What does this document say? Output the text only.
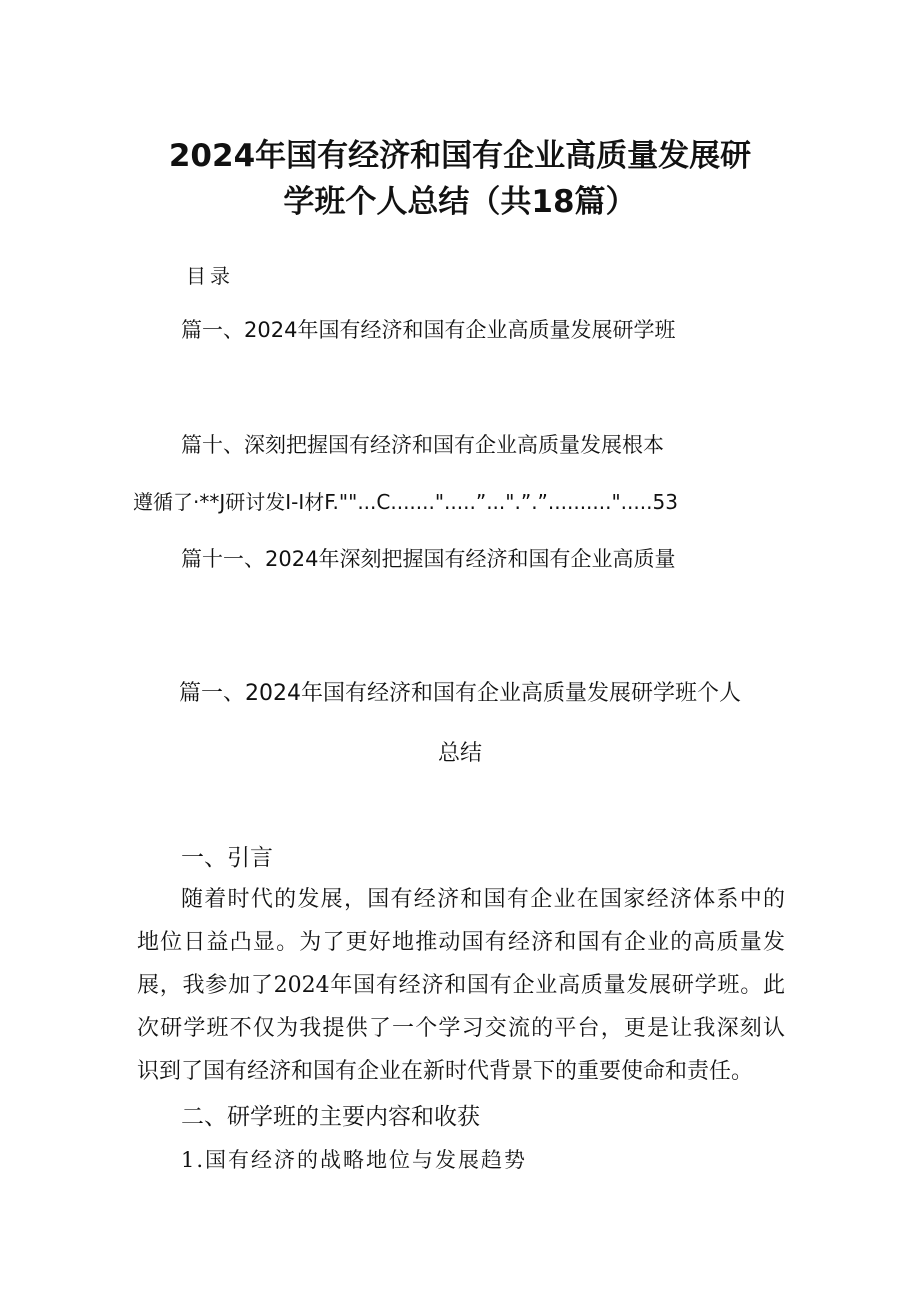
2024年国有经济和国有企业高质量发展研
学班个人总结（共18篇）
目录
篇一、2024年国有经济和国有企业高质量发展研学班
篇十、深刻把握国有经济和国有企业高质量发展根本
遵循了·**J研讨发I-I材F.""...C.......".....”...".”.”..........".....53
篇十一、2024年深刻把握国有经济和国有企业高质量
篇一、2024年国有经济和国有企业高质量发展研学班个人
总结
一、引言
随着时代的发展，国有经济和国有企业在国家经济体系中的
地位日益凸显。为了更好地推动国有经济和国有企业的高质量发
展，我参加了2024年国有经济和国有企业高质量发展研学班。此
次研学班不仅为我提供了一个学习交流的平台，更是让我深刻认
识到了国有经济和国有企业在新时代背景下的重要使命和责任。
二、研学班的主要内容和收获
1.国有经济的战略地位与发展趋势
